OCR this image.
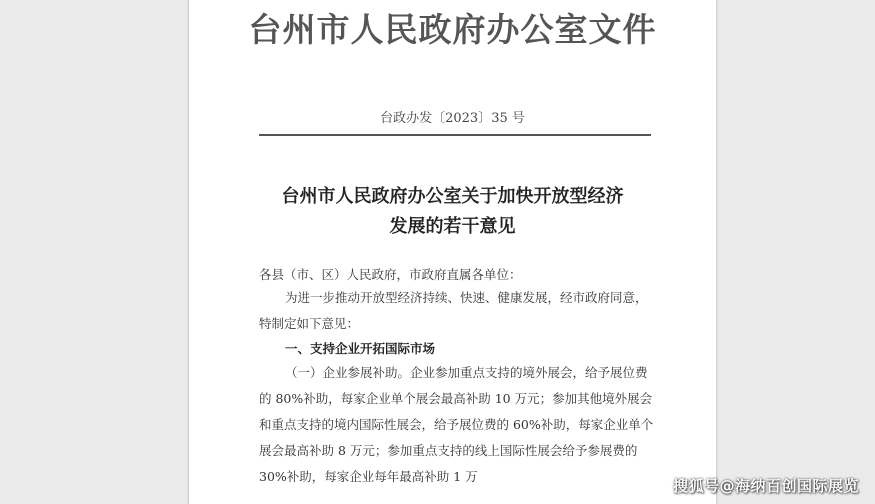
台州市人民政府办公室文件
台政办发〔2023〕35 号
台州市人民政府办公室关于加快开放型经济
发展的若干意见
各县（市、区）人民政府，市政府直属各单位：
为进一步推动开放型经济持续、快速、健康发展，经市政府同意，特制定如下意见：
一、支持企业开拓国际市场
（一）企业参展补助。企业参加重点支持的境外展会，给予展位费的 80%补助，每家企业单个展会最高补助 10 万元；参加其他境外展会和重点支持的境内国际性展会，给予展位费的 60%补助，每家企业单个展会最高补助 8 万元；参加重点支持的线上国际性展会给予参展费的 30%补助，每家企业每年最高补助 1 万
搜狐号@海纳百创国际展览
